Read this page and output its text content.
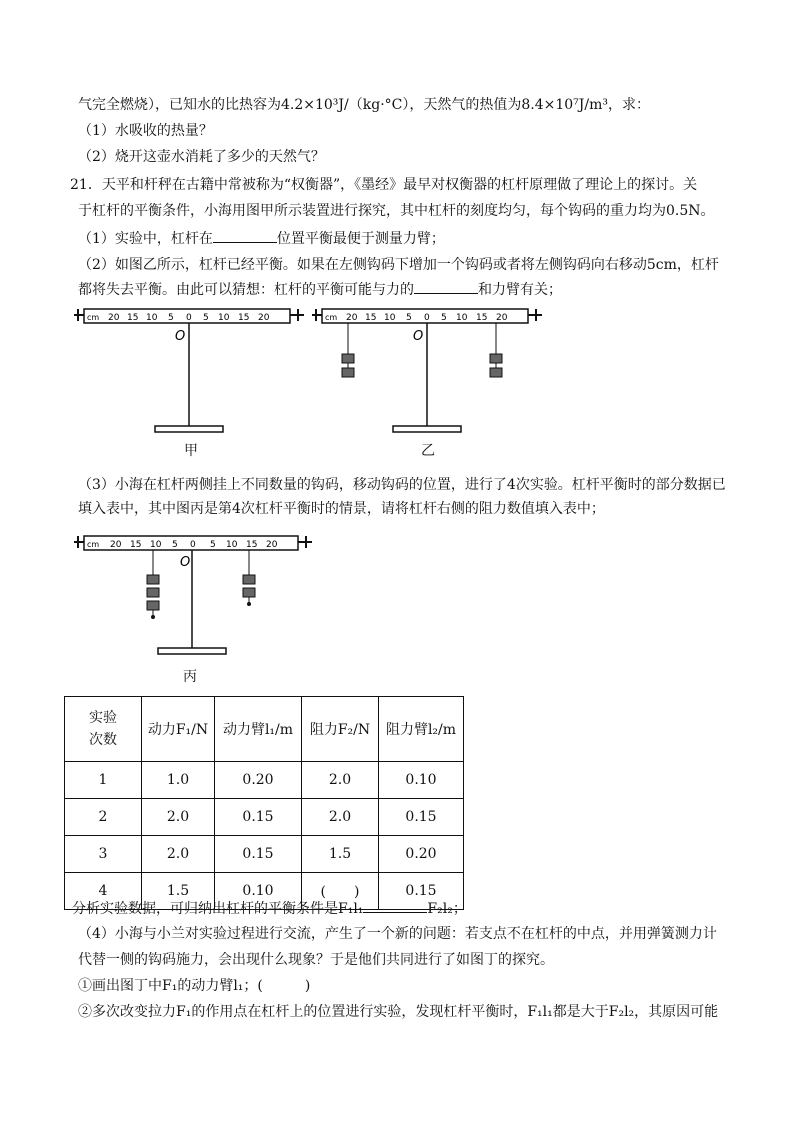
气完全燃烧），已知水的比热容为4.2×10³J/（kg·°C），天然气的热值为8.4×10⁷J/m³，求：
（1）水吸收的热量？
（2）烧开这壶水消耗了多少的天然气？
21．天平和杆秤在古籍中常被称为“权衡器”，《墨经》最早对权衡器的杠杆原理做了理论上的探讨。关
于杠杆的平衡条件，小海用图甲所示装置进行探究，其中杠杆的刻度均匀，每个钩码的重力均为0.5N。
（1）实验中，杠杆在	位置平衡最便于测量力臂；
（2）如图乙所示，杠杆已经平衡。如果在左侧钩码下增加一个钩码或者将左侧钩码向右移动5cm，杠杆
都将失去平衡。由此可以猜想：杠杆的平衡可能与力的	和力臂有关；
cm 20 15 10 5 0 5 10 15 20
O
cm 20 15 10 5 0 5 10 15 20
O
甲	乙
（3）小海在杠杆两侧挂上不同数量的钩码，移动钩码的位置，进行了4次实验。杠杆平衡时的部分数据已
填入表中，其中图丙是第4次杠杆平衡时的情景，请将杠杆右侧的阻力数值填入表中；
cm 20 15 10 5 0 5 10 15 20
O
丙
实验次数	动力F₁/N	动力臂l₁/m	阻力F₂/N	阻力臂l₂/m
1	1.0	0.20	2.0	0.10
2	2.0	0.15	2.0	0.15
3	2.0	0.15	1.5	0.20
4	1.5	0.10	(　　)	0.15
分析实验数据，可归纳出杠杆的平衡条件是F₁l₁	F₂l₂；
（4）小海与小兰对实验过程进行交流，产生了一个新的问题：若支点不在杠杆的中点，并用弹簧测力计
代替一侧的钩码施力，会出现什么现象？于是他们共同进行了如图丁的探究。
①画出图丁中F₁的动力臂l₁；(　　　)
②多次改变拉力F₁的作用点在杠杆上的位置进行实验，发现杠杆平衡时，F₁l₁都是大于F₂l₂，其原因可能
